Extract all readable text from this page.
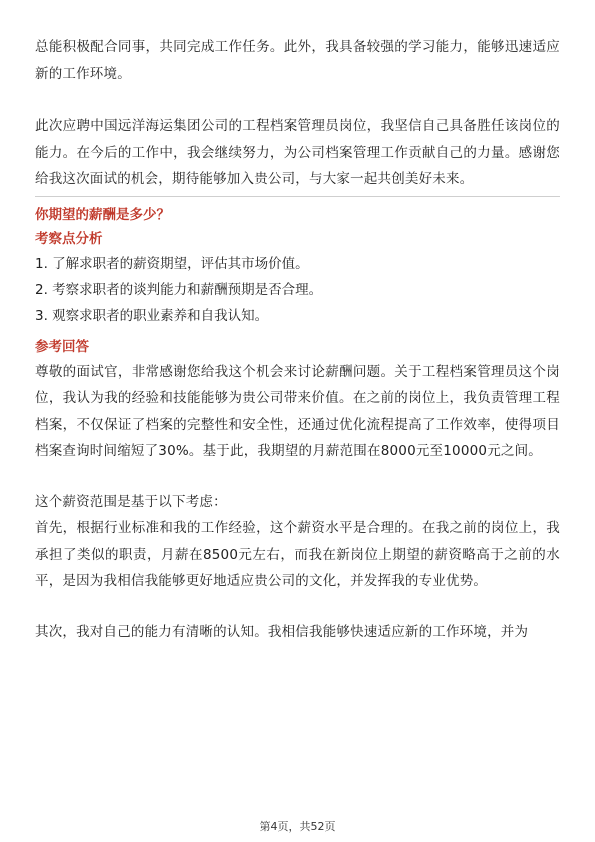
总能积极配合同事，共同完成工作任务。此外，我具备较强的学习能力，能够迅速适应新的工作环境。

此次应聘中国远洋海运集团公司的工程档案管理员岗位，我坚信自己具备胜任该岗位的能力。在今后的工作中，我会继续努力，为公司档案管理工作贡献自己的力量。感谢您给我这次面试的机会，期待能够加入贵公司，与大家一起共创美好未来。

你期望的薪酬是多少？
考察点分析
1. 了解求职者的薪资期望，评估其市场价值。
2. 考察求职者的谈判能力和薪酬预期是否合理。
3. 观察求职者的职业素养和自我认知。
参考回答

尊敬的面试官，非常感谢您给我这个机会来讨论薪酬问题。关于工程档案管理员这个岗位，我认为我的经验和技能能够为贵公司带来价值。在之前的岗位上，我负责管理工程档案，不仅保证了档案的完整性和安全性，还通过优化流程提高了工作效率，使得项目档案查询时间缩短了30%。基于此，我期望的月薪范围在8000元至10000元之间。

这个薪资范围是基于以下考虑：

首先，根据行业标准和我的工作经验，这个薪资水平是合理的。在我之前的岗位上，我承担了类似的职责，月薪在8500元左右，而我在新岗位上期望的薪资略高于之前的水平，是因为我相信我能够更好地适应贵公司的文化，并发挥我的专业优势。

其次，我对自己的能力有清晰的认知。我相信我能够快速适应新的工作环境，并为

第4页，共52页
